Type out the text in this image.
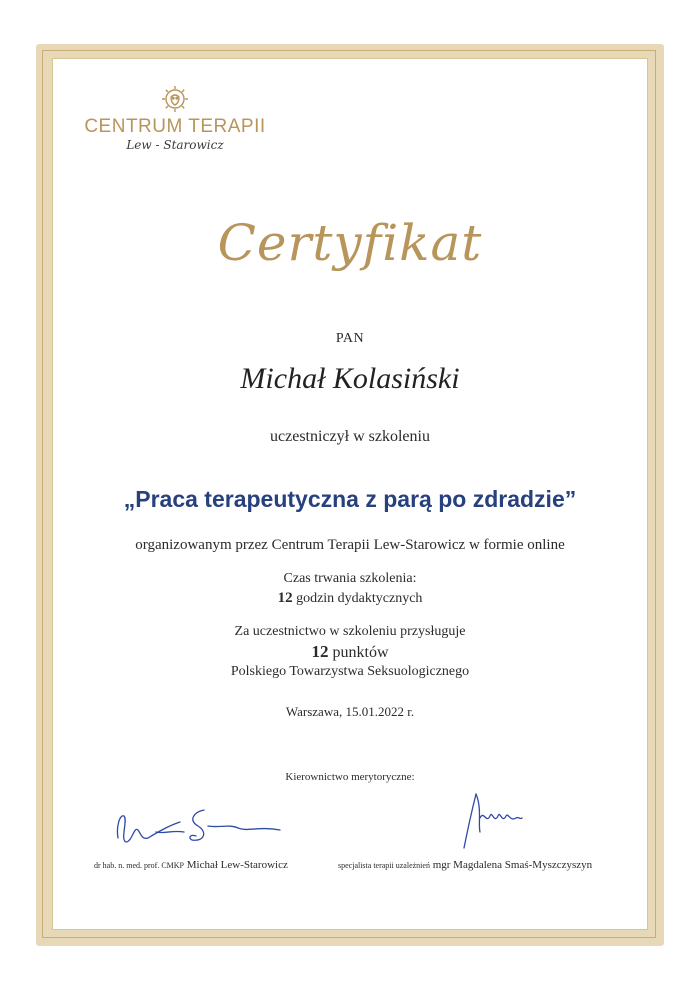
CENTRUM TERAPII
Lew - Starowicz
Certyfikat
PAN
Michał Kolasiński
uczestniczył w szkoleniu
„Praca terapeutyczna z parą po zdradzie”
organizowanym przez Centrum Terapii Lew-Starowicz w formie online
Czas trwania szkolenia:
12 godzin dydaktycznych
Za uczestnictwo w szkoleniu przysługuje
12 punktów
Polskiego Towarzystwa Seksuologicznego
Warszawa, 15.01.2022 r.
Kierownictwo merytoryczne:
dr hab. n. med. prof. CMKP Michał Lew-Starowicz	specjalista terapii uzależnień mgr Magdalena Smaś-Myszczyszyn
